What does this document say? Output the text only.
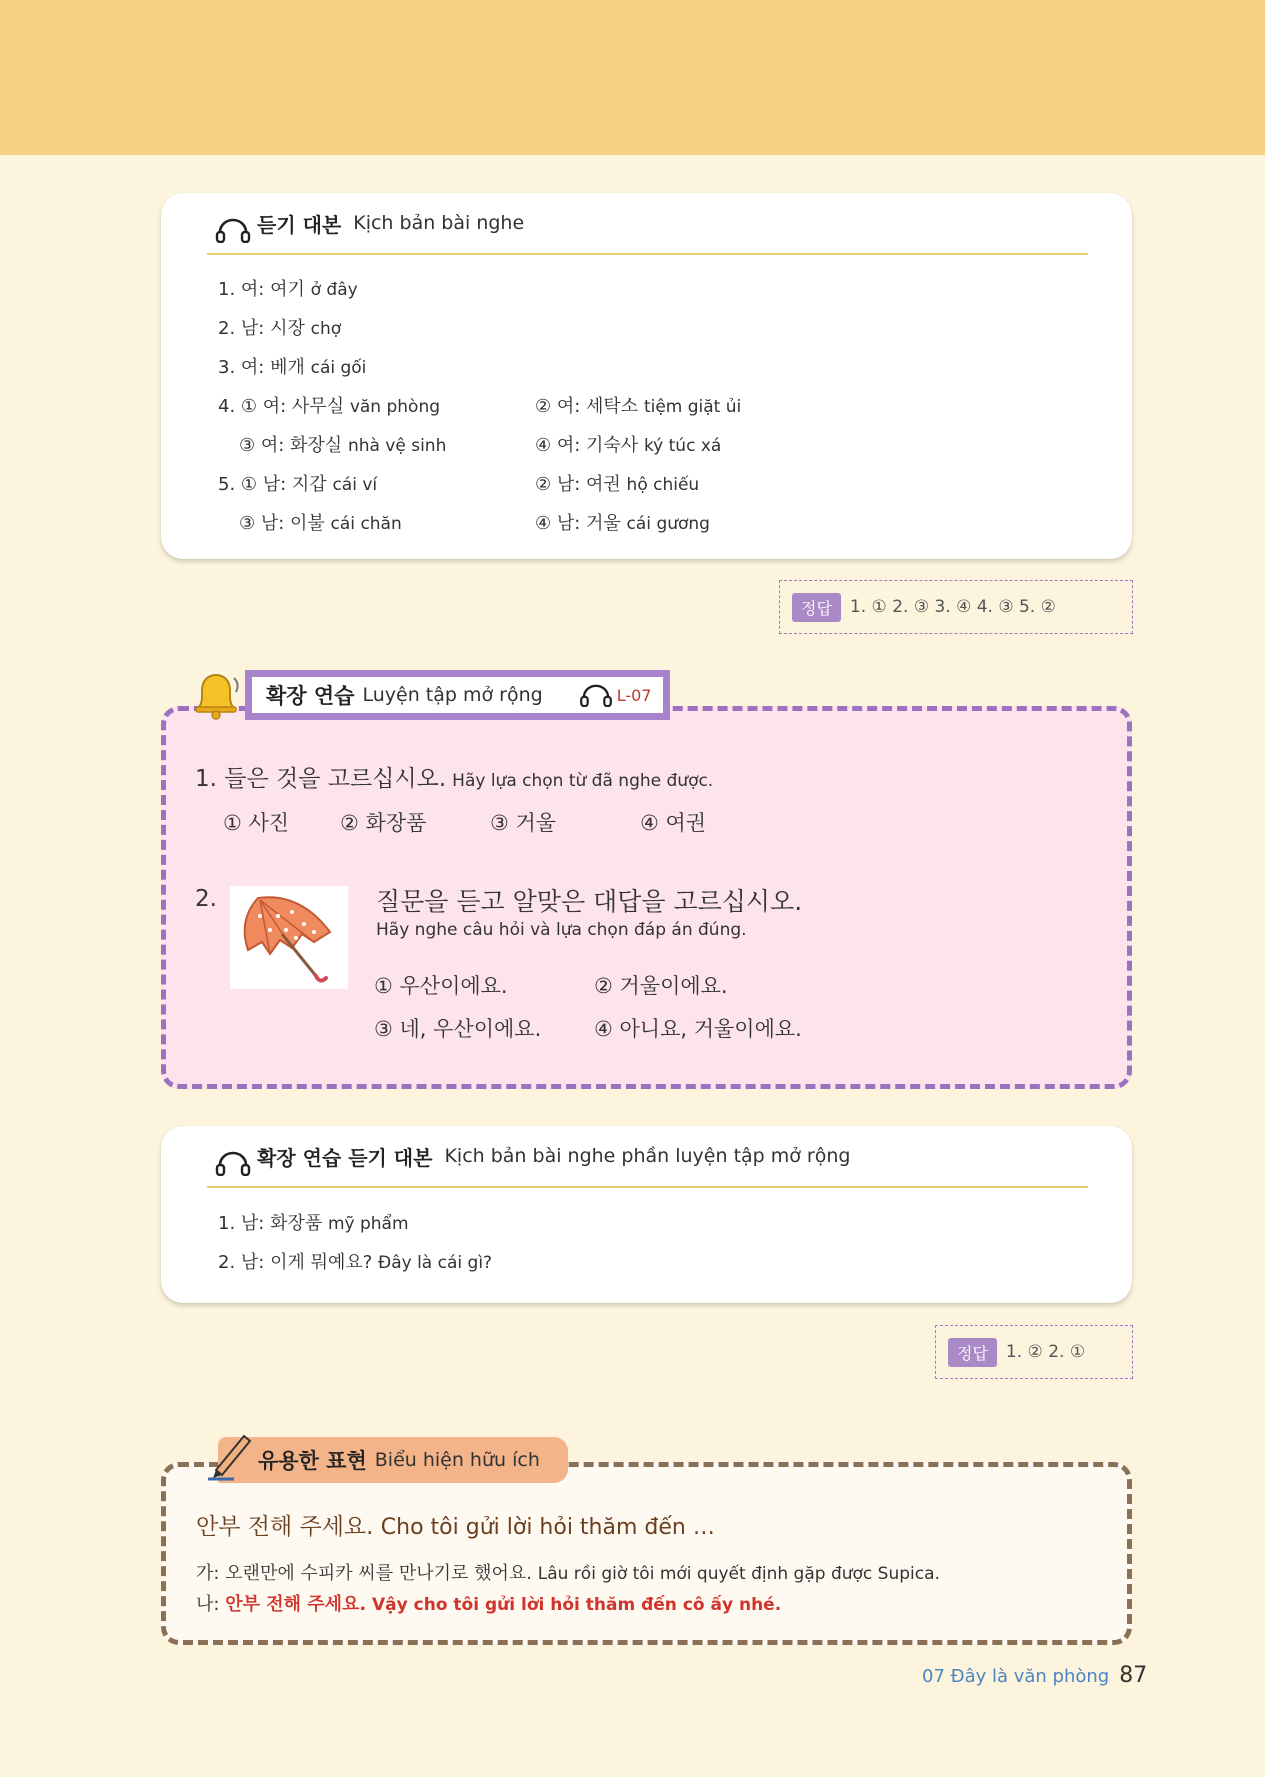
듣기 대본 Kịch bản bài nghe
1. 여: 여기 ở đây
2. 남: 시장 chợ
3. 여: 베개 cái gối
4. ① 여: 사무실 văn phòng	② 여: 세탁소 tiệm giặt ủi
③ 여: 화장실 nhà vệ sinh	④ 여: 기숙사 ký túc xá
5. ① 남: 지갑 cái ví	② 남: 여권 hộ chiếu
③ 남: 이불 cái chăn	④ 남: 거울 cái gương
정답	1. ① 2. ③ 3. ④ 4. ③ 5. ②
확장 연습 Luyện tập mở rộng	L-07
1. 들은 것을 고르십시오. Hãy lựa chọn từ đã nghe được.
① 사진 ② 화장품	③ 거울	④ 여권
2.	질문을 듣고 알맞은 대답을 고르십시오.
Hãy nghe câu hỏi và lựa chọn đáp án đúng.
① 우산이에요.	② 거울이에요.
③ 네, 우산이에요.	④ 아니요, 거울이에요.
확장 연습 듣기 대본 Kịch bản bài nghe phần luyện tập mở rộng
1. 남: 화장품 mỹ phẩm
2. 남: 이게 뭐예요? Đây là cái gì?
정답	1. ② 2. ①
유용한 표현 Biểu hiện hữu ích
안부 전해 주세요. Cho tôi gửi lời hỏi thăm đến …
가: 오랜만에 수피카 씨를 만나기로 했어요. Lâu rồi giờ tôi mới quyết định gặp được Supica.
나: 안부 전해 주세요. Vậy cho tôi gửi lời hỏi thăm đến cô ấy nhé.
07 Đây là văn phòng 87
